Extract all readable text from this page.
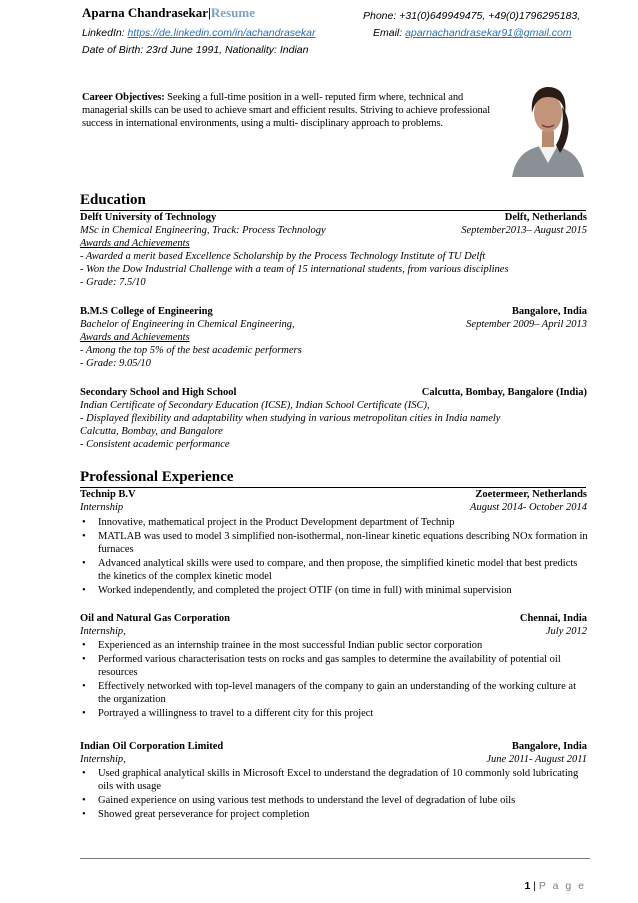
Aparna Chandrasekar|Resume
LinkedIn: https://de.linkedin.com/in/achandrasekar
Date of Birth: 23rd June 1991, Nationality: Indian
Phone: +31(0)649949475, +49(0)1796295183,
Email: aparnachandrasekar91@gmail.com
Career Objectives: Seeking a full-time position in a well- reputed firm where, technical and managerial skills can be used to achieve smart and efficient results. Striving to achieve professional success in international environments, using a multi- disciplinary approach to problems.
Education
Delft University of Technology	Delft, Netherlands
MSc in Chemical Engineering, Track: Process Technology	September2013– August 2015
Awards and Achievements
- Awarded a merit based Excellence Scholarship by the Process Technology Institute of TU Delft
- Won the Dow Industrial Challenge with a team of 15 international students, from various disciplines
- Grade: 7.5/10
B.M.S College of Engineering	Bangalore, India
Bachelor of Engineering in Chemical Engineering,	September 2009– April 2013
Awards and Achievements
- Among the top 5% of the best academic performers
- Grade: 9.05/10
Secondary School and High School	Calcutta, Bombay, Bangalore (India)
Indian Certificate of Secondary Education (ICSE), Indian School Certificate (ISC),
- Displayed flexibility and adaptability when studying in various metropolitan cities in India namely
Calcutta, Bombay, and Bangalore
- Consistent academic performance
Professional Experience
Technip B.V	Zoetermeer, Netherlands
Internship	August 2014- October 2014
• Innovative, mathematical project in the Product Development department of Technip
• MATLAB was used to model 3 simplified non-isothermal, non-linear kinetic equations describing NOx formation in furnaces
• Advanced analytical skills were used to compare, and then propose, the simplified kinetic model that best predicts the kinetics of the complex kinetic model
• Worked independently, and completed the project OTIF (on time in full) with minimal supervision
Oil and Natural Gas Corporation	Chennai, India
Internship,	July 2012
• Experienced as an internship trainee in the most successful Indian public sector corporation
• Performed various characterisation tests on rocks and gas samples to determine the availability of potential oil resources
• Effectively networked with top-level managers of the company to gain an understanding of the working culture at the organization
• Portrayed a willingness to travel to a different city for this project
Indian Oil Corporation Limited	Bangalore, India
Internship,	June 2011- August 2011
• Used graphical analytical skills in Microsoft Excel to understand the degradation of 10 commonly sold lubricating oils with usage
• Gained experience on using various test methods to understand the level of degradation of lube oils
• Showed great perseverance for project completion
1 | P a g e
